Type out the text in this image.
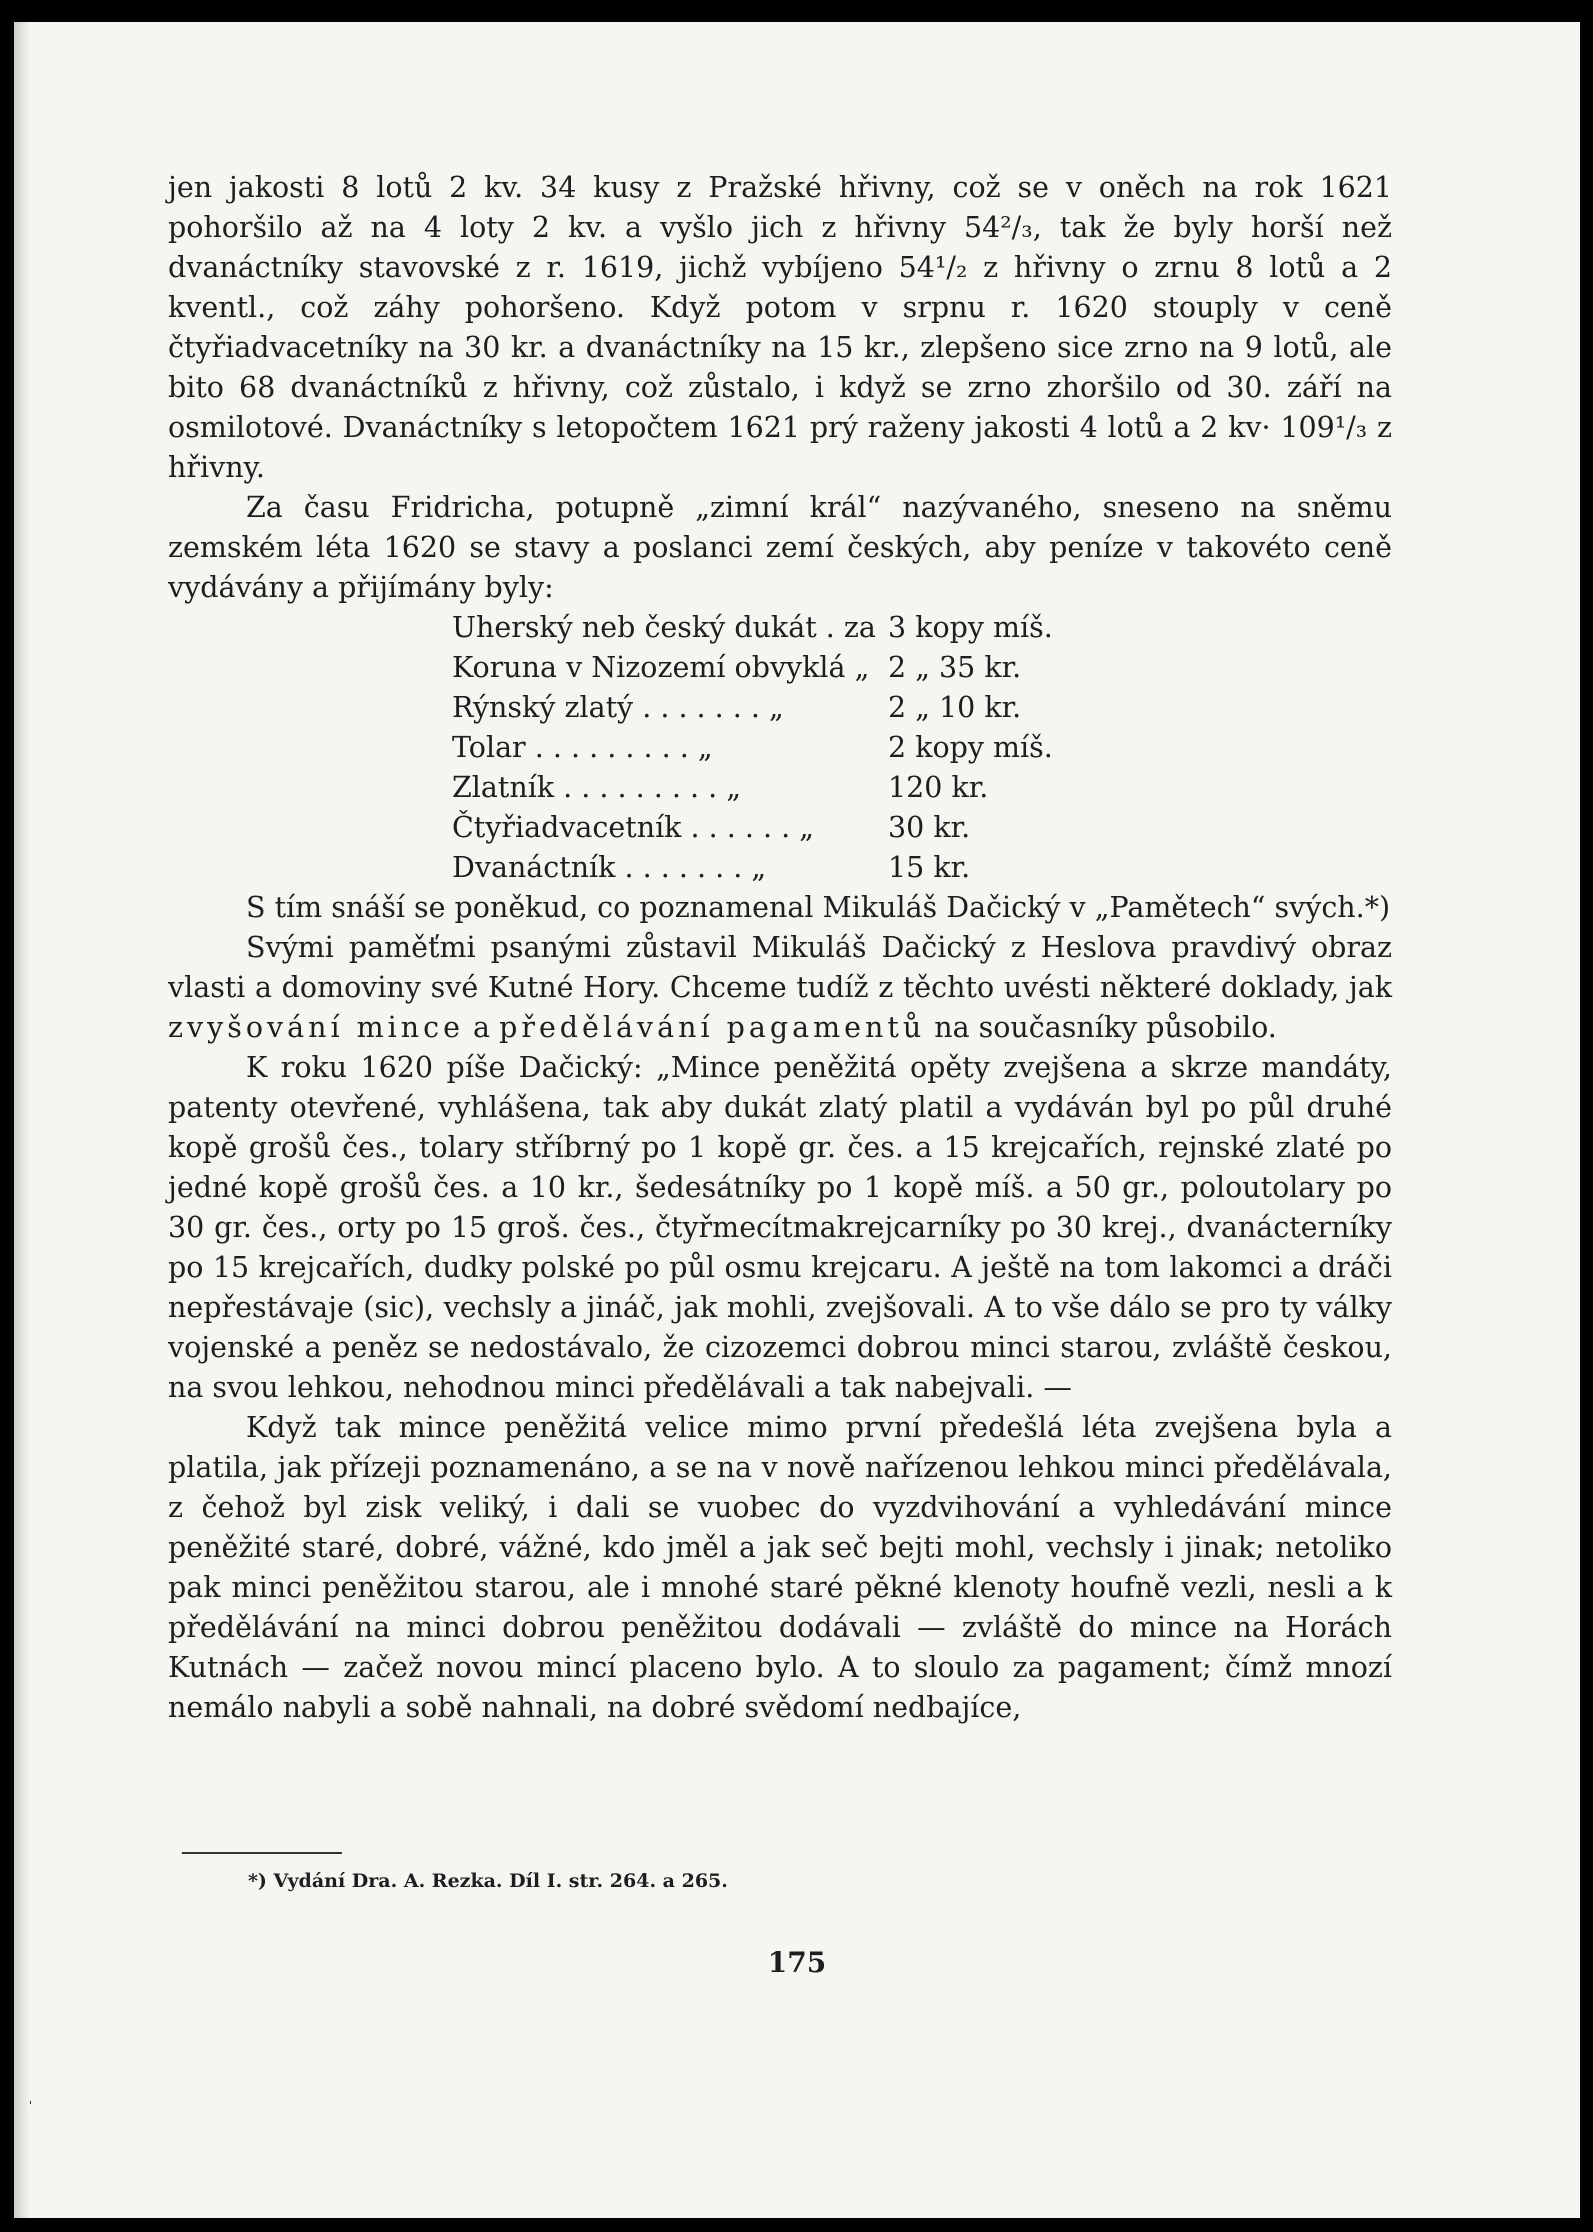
jen jakosti 8 lotů 2 kv. 34 kusy z Pražské hřivny, což se v oněch na rok 1621 pohoršilo až na 4 loty 2 kv. a vyšlo jich z hřivny 54²/₃, tak že byly horší než dvanáctníky stavovské z r. 1619, jichž vybíjeno 54¹/₂ z hřivny o zrnu 8 lotů a 2 kventl., což záhy pohoršeno. Když potom v srpnu r. 1620 stouply v ceně čtyřiadvacetníky na 30 kr. a dvanáctníky na 15 kr., zlepšeno sice zrno na 9 lotů, ale bito 68 dvanáctníků z hřivny, což zůstalo, i když se zrno zhoršilo od 30. září na osmilotové. Dvanáctníky s letopočtem 1621 prý raženy jakosti 4 lotů a 2 kv· 109¹/₃ z hřivny.

Za času Fridricha, potupně „zimní král“ nazývaného, sneseno na sněmu zemském léta 1620 se stavy a poslanci zemí českých, aby peníze v takovéto ceně vydávány a přijímány byly:

Uherský neb český dukát . za	3 kopy míš.
Koruna v Nizozemí obvyklá „	2 „ 35 kr.
Rýnský zlatý . . . . . . . „	2 „ 10 kr.
Tolar . . . . . . . . . „	2 kopy míš.
Zlatník . . . . . . . . . „	120 kr.
Čtyřiadvacetník . . . . . . „	30 kr.
Dvanáctník . . . . . . . „	15 kr.

S tím snáší se poněkud, co poznamenal Mikuláš Dačický v „Pamětech“ svých.*)

Svými paměťmi psanými zůstavil Mikuláš Dačický z Heslova pravdivý obraz vlasti a domoviny své Kutné Hory. Chceme tudíž z těchto uvésti některé doklady, jak zvyšování mince a předělávání pagamentů na současníky působilo.

K roku 1620 píše Dačický: „Mince peněžitá opěty zvejšena a skrze mandáty, patenty otevřené, vyhlášena, tak aby dukát zlatý platil a vydáván byl po půl druhé kopě grošů čes., tolary stříbrný po 1 kopě gr. čes. a 15 krejcařích, rejnské zlaté po jedné kopě grošů čes. a 10 kr., šedesátníky po 1 kopě míš. a 50 gr., poloutolary po 30 gr. čes., orty po 15 groš. čes., čtyřmecítmakrejcarníky po 30 krej., dvanácterníky po 15 krejcařích, dudky polské po půl osmu krejcaru. A ještě na tom lakomci a dráči nepřestávaje (sic), vechsly a jináč, jak mohli, zvejšovali. A to vše dálo se pro ty války vojenské a peněz se nedostávalo, že cizozemci dobrou minci starou, zvláště českou, na svou lehkou, nehodnou minci předělávali a tak nabejvali. —

Když tak mince peněžitá velice mimo první předešlá léta zvejšena byla a platila, jak přízeji poznamenáno, a se na v nově nařízenou lehkou minci předělávala, z čehož byl zisk veliký, i dali se vuobec do vyzdvihování a vyhledávání mince peněžité staré, dobré, vážné, kdo jměl a jak seč bejti mohl, vechsly i jinak; netoliko pak minci peněžitou starou, ale i mnohé staré pěkné klenoty houfně vezli, nesli a k předělávání na minci dobrou peněžitou dodávali — zvláště do mince na Horách Kutnách — začež novou mincí placeno bylo. A to sloulo za pagament; čímž mnozí nemálo nabyli a sobě nahnali, na dobré svědomí nedbajíce,

*) Vydání Dra. A. Rezka. Díl I. str. 264. a 265.
175
